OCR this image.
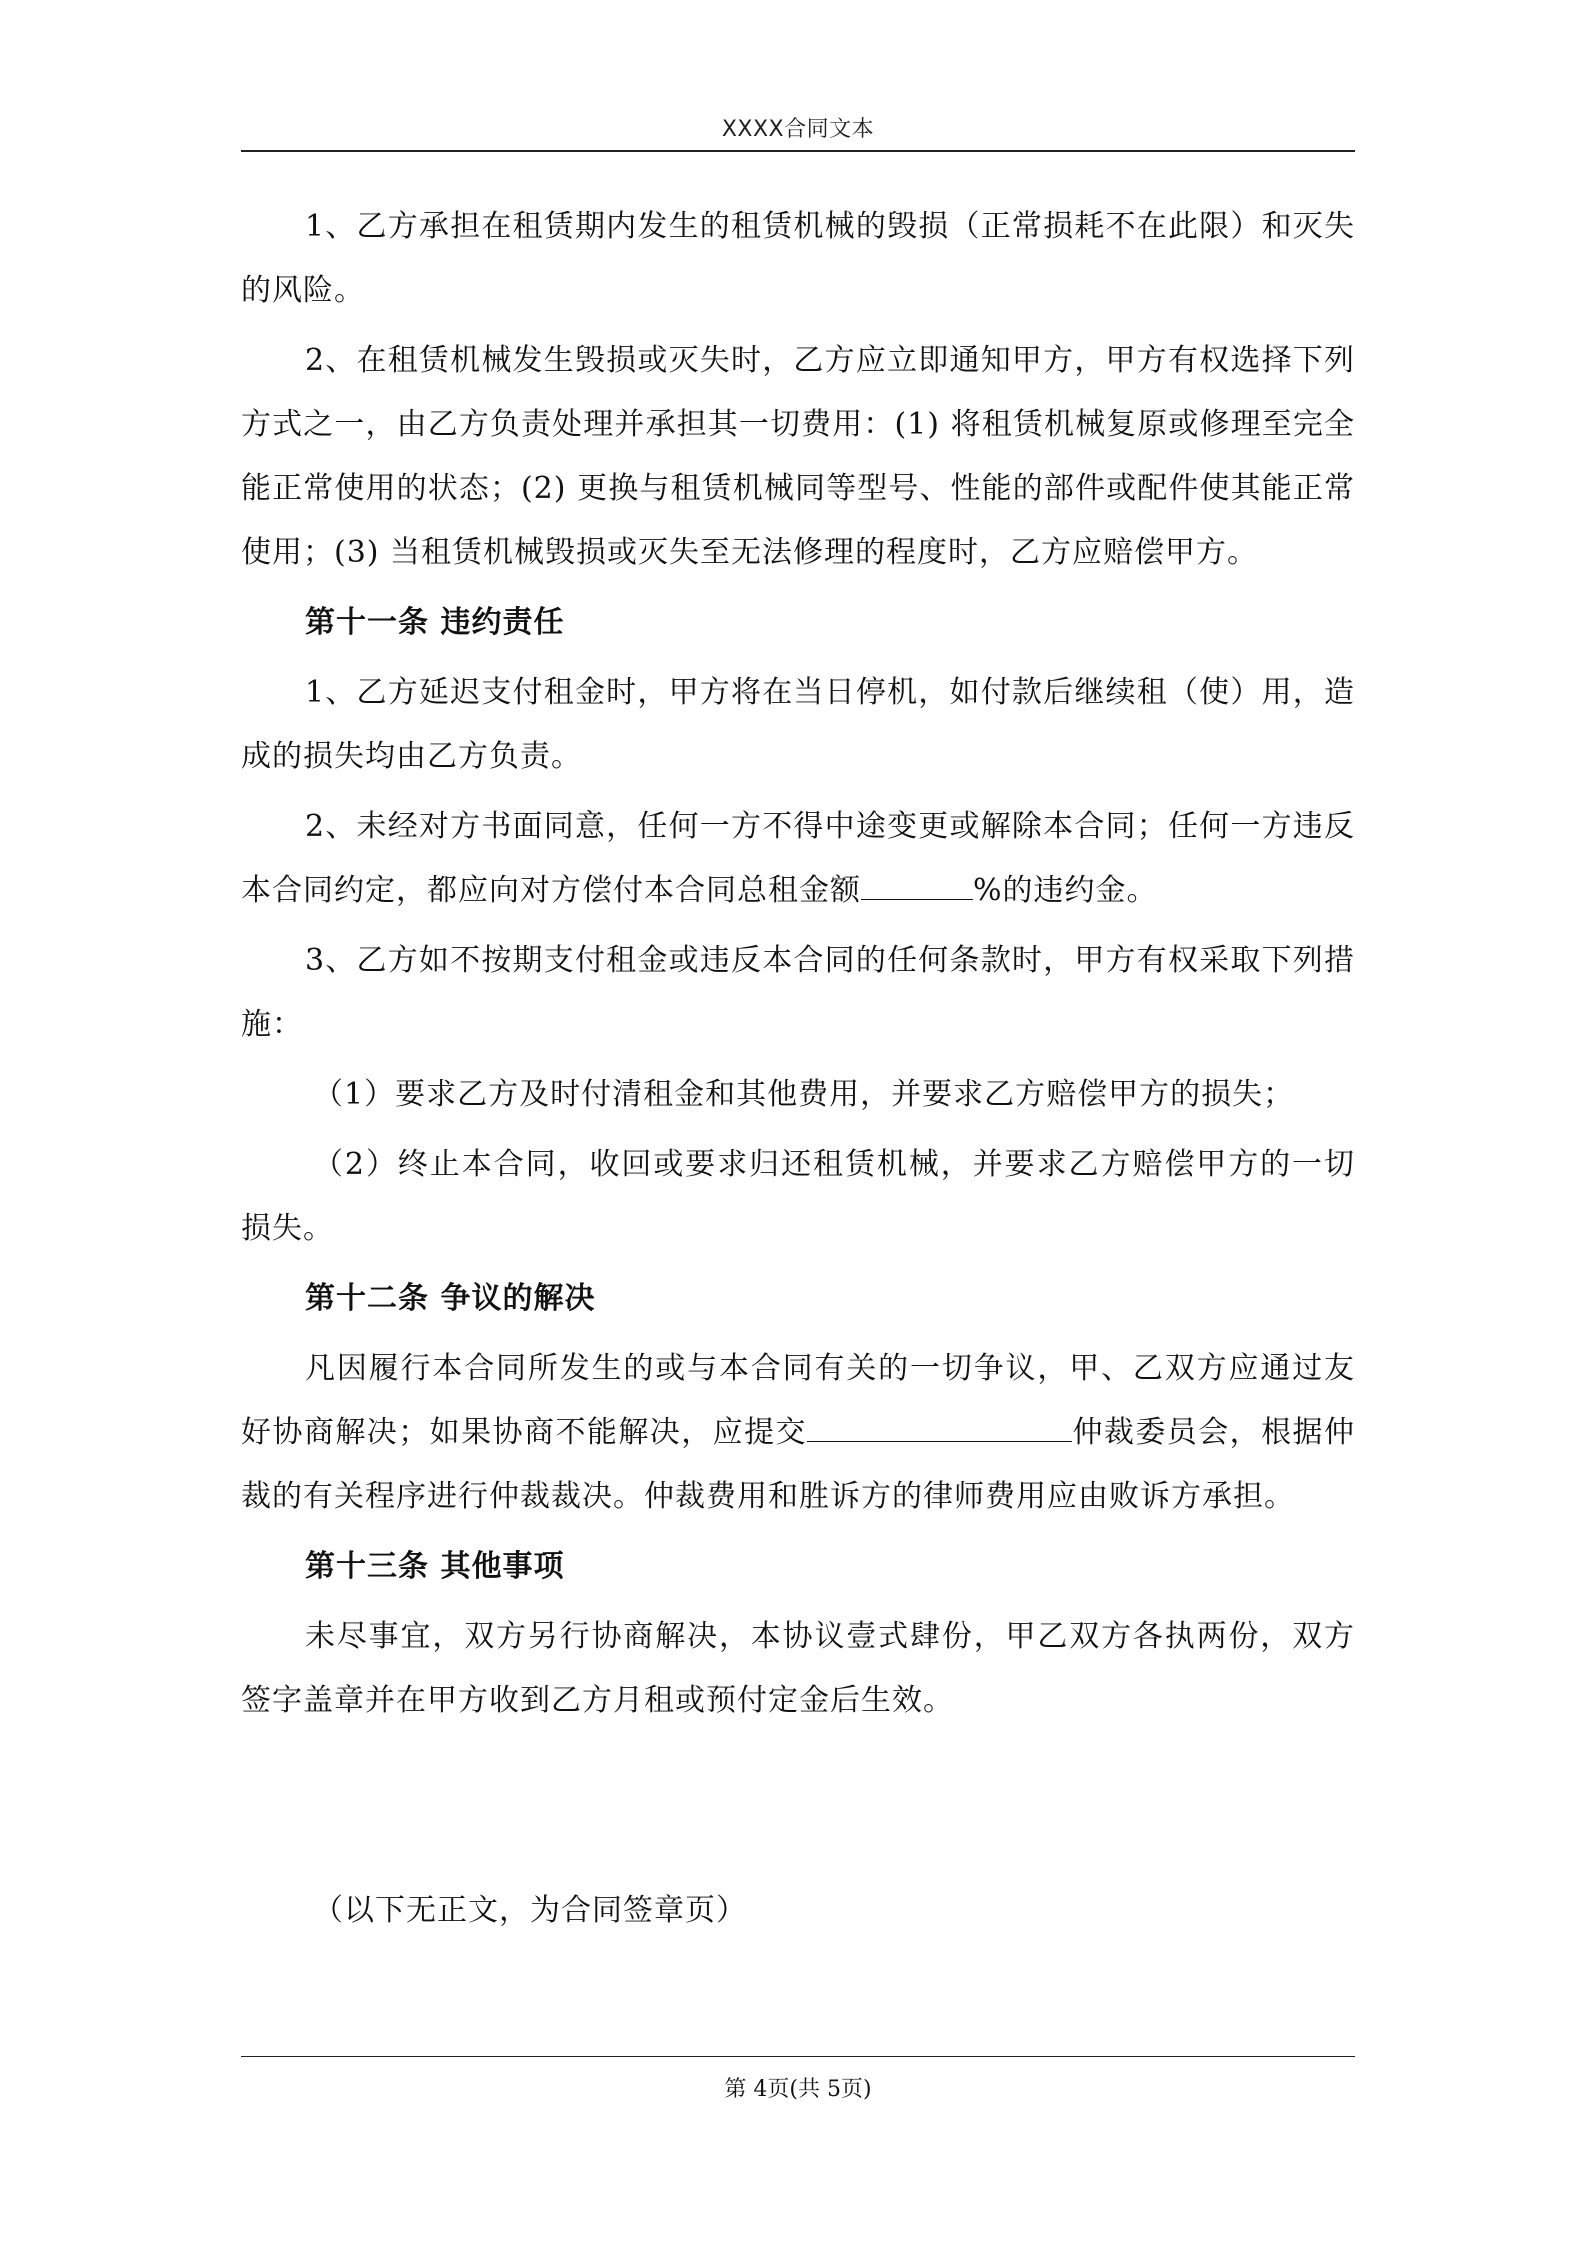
XXXX合同文本

1、乙方承担在租赁期内发生的租赁机械的毁损（正常损耗不在此限）和灭失的风险。

2、在租赁机械发生毁损或灭失时，乙方应立即通知甲方，甲方有权选择下列方式之一，由乙方负责处理并承担其一切费用：(1) 将租赁机械复原或修理至完全能正常使用的状态；(2) 更换与租赁机械同等型号、性能的部件或配件使其能正常使用；(3) 当租赁机械毁损或灭失至无法修理的程度时，乙方应赔偿甲方。

第十一条 违约责任

1、乙方延迟支付租金时，甲方将在当日停机，如付款后继续租（使）用，造成的损失均由乙方负责。

2、未经对方书面同意，任何一方不得中途变更或解除本合同；任何一方违反本合同约定，都应向对方偿付本合同总租金额	%的违约金。

3、乙方如不按期支付租金或违反本合同的任何条款时，甲方有权采取下列措施：

（1）要求乙方及时付清租金和其他费用，并要求乙方赔偿甲方的损失；

（2）终止本合同，收回或要求归还租赁机械，并要求乙方赔偿甲方的一切损失。

第十二条 争议的解决

凡因履行本合同所发生的或与本合同有关的一切争议，甲、乙双方应通过友好协商解决；如果协商不能解决，应提交	仲裁委员会，根据仲裁的有关程序进行仲裁裁决。仲裁费用和胜诉方的律师费用应由败诉方承担。

第十三条 其他事项

未尽事宜，双方另行协商解决，本协议壹式肆份，甲乙双方各执两份，双方签字盖章并在甲方收到乙方月租或预付定金后生效。

（以下无正文，为合同签章页）

第 4页(共 5页)
